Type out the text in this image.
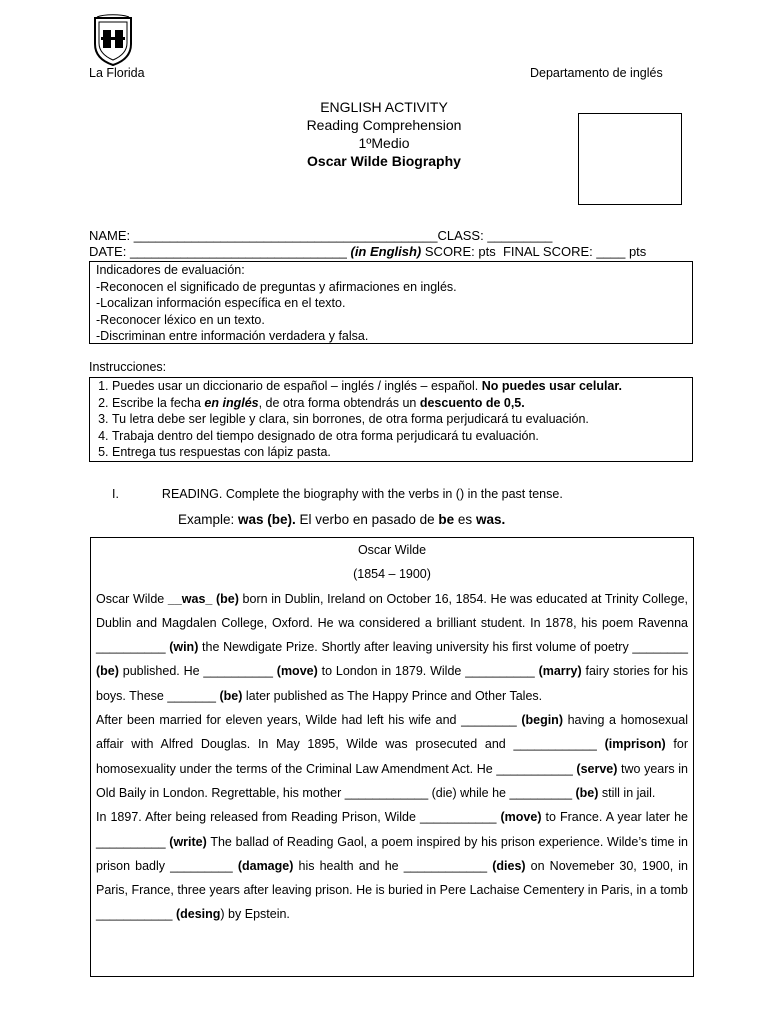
La Florida	Departamento de inglés
ENGLISH ACTIVITY
Reading Comprehension
1ºMedio
Oscar Wilde Biography
NAME: __________________________________________CLASS: _________
DATE: ______________________________ (in English) SCORE: pts FINAL SCORE: ____ pts
Indicadores de evaluación:
-Reconocen el significado de preguntas y afirmaciones en inglés.
-Localizan información específica en el texto.
-Reconocer léxico en un texto.
-Discriminan entre información verdadera y falsa.
Instrucciones:
1. Puedes usar un diccionario de español – inglés / inglés – español. No puedes usar celular.
2. Escribe la fecha en inglés, de otra forma obtendrás un descuento de 0,5.
3. Tu letra debe ser legible y clara, sin borrones, de otra forma perjudicará tu evaluación.
4. Trabaja dentro del tiempo designado de otra forma perjudicará tu evaluación.
5. Entrega tus respuestas con lápiz pasta.
I.	READING. Complete the biography with the verbs in () in the past tense.
Example: was (be). El verbo en pasado de be es was.

Oscar Wilde

(1854 – 1900)

Oscar Wilde __was_ (be) born in Dublin, Ireland on October 16, 1854. He was educated at Trinity College, Dublin and Magdalen College, Oxford. He wa considered a brilliant student. In 1878, his poem Ravenna __________ (win) the Newdigate Prize. Shortly after leaving university his first volume of poetry ________ (be) published. He __________ (move) to London in 1879. Wilde __________ (marry) fairy stories for his boys. These _______ (be) later published as The Happy Prince and Other Tales.

After been married for eleven years, Wilde had left his wife and ________ (begin) having a homosexual affair with Alfred Douglas. In May 1895, Wilde was prosecuted and ____________ (imprison) for homosexuality under the terms of the Criminal Law Amendment Act. He ___________ (serve) two years in Old Baily in London. Regrettable, his mother ____________ (die) while he _________ (be) still in jail.

In 1897. After being released from Reading Prison, Wilde ___________ (move) to France. A year later he __________ (write) The ballad of Reading Gaol, a poem inspired by his prison experience. Wilde’s time in prison badly _________ (damage) his health and he ____________ (dies) on Novemeber 30, 1900, in Paris, France, three years after leaving prison. He is buried in Pere Lachaise Cementery in Paris, in a tomb ___________ (desing) by Epstein.
